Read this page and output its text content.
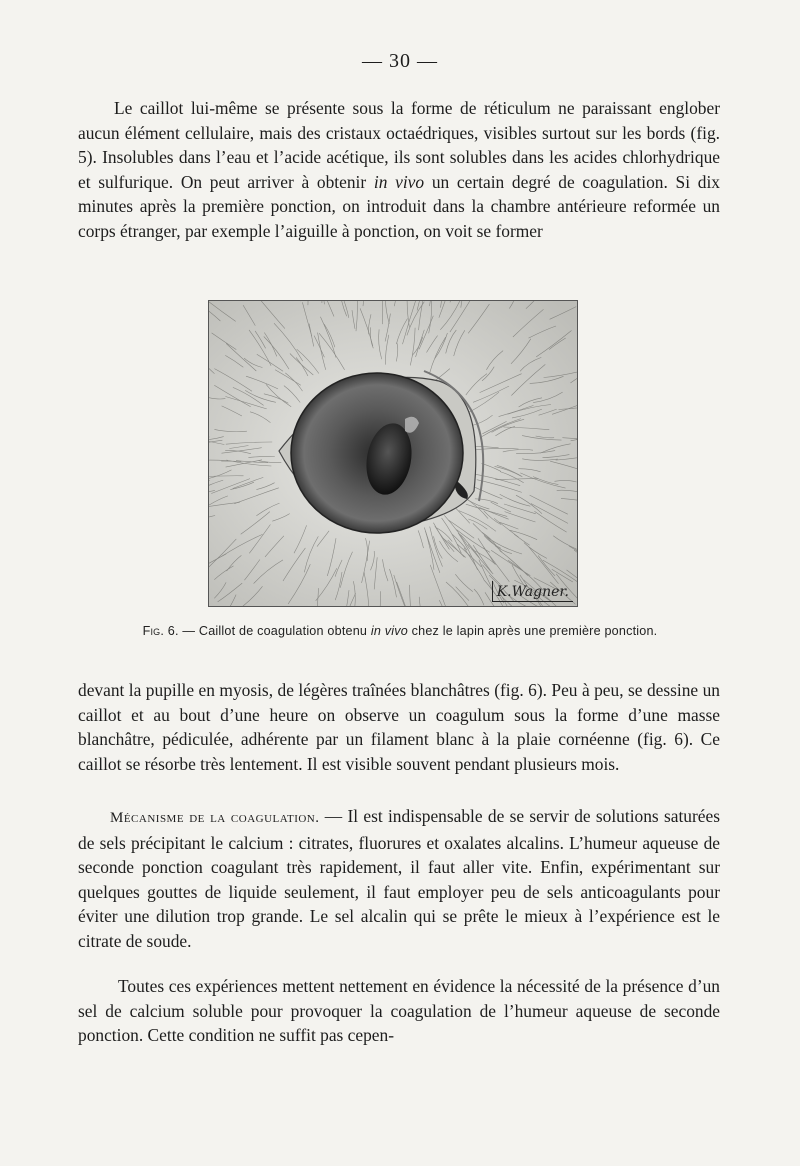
— 30 —

Le caillot lui-même se présente sous la forme de réticulum ne paraissant englober aucun élément cellulaire, mais des cristaux octaédriques, visibles surtout sur les bords (fig. 5). Insolubles dans l’eau et l’acide acétique, ils sont solubles dans les acides chlorhydrique et sulfurique. On peut arriver à obtenir in vivo un certain degré de coagulation. Si dix minutes après la première ponction, on introduit dans la chambre antérieure reformée un corps étranger, par exemple l’aiguille à ponction, on voit se former

K.Wagner.
Fig. 6. — Caillot de coagulation obtenu in vivo chez le lapin après une première ponction.

devant la pupille en myosis, de légères traînées blanchâtres (fig. 6). Peu à peu, se dessine un caillot et au bout d’une heure on observe un coagulum sous la forme d’une masse blanchâtre, pédiculée, adhérente par un filament blanc à la plaie cornéenne (fig. 6). Ce caillot se résorbe très lentement. Il est visible souvent pendant plusieurs mois.

Mécanisme de la coagulation. — Il est indispensable de se servir de solutions saturées de sels précipitant le calcium : citrates, fluorures et oxalates alcalins. L’humeur aqueuse de seconde ponction coagulant très rapidement, il faut aller vite. Enfin, expérimentant sur quelques gouttes de liquide seulement, il faut employer peu de sels anticoagulants pour éviter une dilution trop grande. Le sel alcalin qui se prête le mieux à l’expérience est le citrate de soude.

Toutes ces expériences mettent nettement en évidence la nécessité de la présence d’un sel de calcium soluble pour provoquer la coagulation de l’humeur aqueuse de seconde ponction. Cette condition ne suffit pas cepen-
